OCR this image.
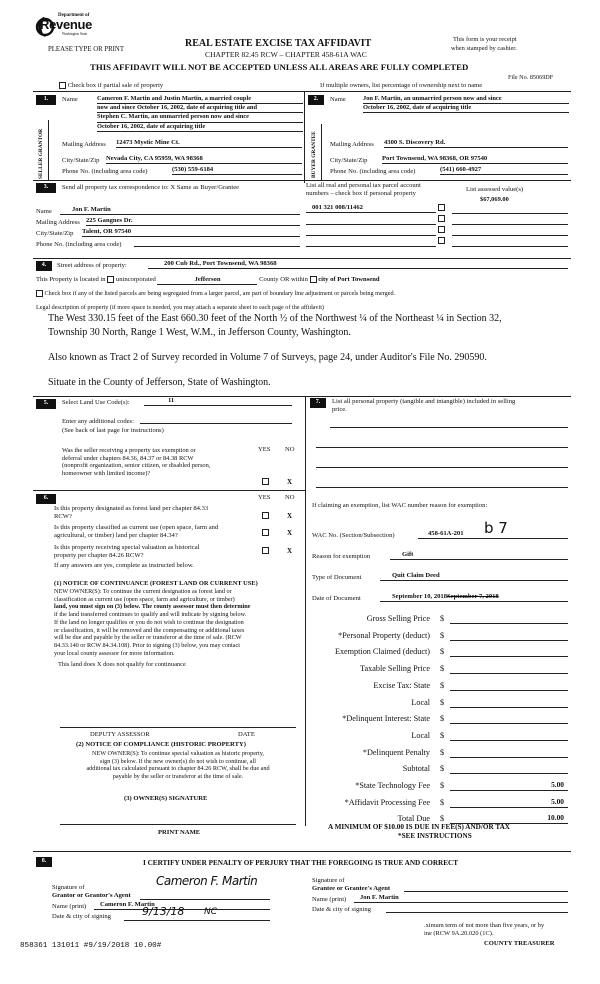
Department of
Revenue
Washington State
PLEASE TYPE OR PRINT
REAL ESTATE EXCISE TAX AFFIDAVIT
CHAPTER 82.45 RCW – CHAPTER 458-61A WAC
THIS AFFIDAVIT WILL NOT BE ACCEPTED UNLESS ALL AREAS ARE FULLY COMPLETED
This form is your receipt
when stamped by cashier.
File No. 85069DF
Check box if partial sale of property	If multiple owners, list percentage of ownership next to name
1.
SELLER GRANTOR
Name	Cameron F. Martin and Justin Martin, a married couple
now and since October 16, 2002, date of acquiring title and
Stephen C. Martin, an unmarried person now and since
October 16, 2002, date of acquiring title
Mailing Address 12473 Mystic Mine Ct.
City/State/Zip Nevada City, CA 95959, WA 98368
Phone No. (including area code)	(530) 559-6184
2.
BUYER GRANTEE
Name	Jon F. Martin, an unmarried person now and since
October 16, 2002, date of acquiring title
Mailing Address 4300 S. Discovery Rd.
City/State/Zip Port Townsend, WA 98368, OR 97540
Phone No. (including area code)	(541) 660-4927
3.	Send all property tax correspondence to: X Same as Buyer/Grantee
Name	Jon F. Martin
Mailing Address 225 Gangnes Dr.
City/State/Zip Talent, OR 97540
Phone No. (including area code)
List all real and personal tax parcel account
numbers – check box if personal property
List assessed value(s)
$67,069.00
001 321 008/11462
4.	Street address of property:	200 Cub Rd., Port Townsend, WA 98368
This Property is located in unincorporated	Jefferson	County OR within city of Port Townsend
Check box if any of the listed parcels are being segregated from a larger parcel, are part of boundary line adjustment or parcels being merged.
Legal description of property (if more space is needed, you may attach a separate sheet to each page of the affidavit)
The West 330.15 feet of the East 660.30 feet of the North ½ of the Northwest ¼ of the Northeast ¼ in Section 32,
Township 30 North, Range 1 West, W.M., in Jefferson County, Washington.
Also known as Tract 2 of Survey recorded in Volume 7 of Surveys, page 24, under Auditor's File No. 290590.
Situate in the County of Jefferson, State of Washington.
5.	Select Land Use Code(s):	11
Enter any additional codes:
(See back of last page for instructions)
YES NO
Was the seller receiving a property tax exemption or
deferral under chapters 84.36, 84.37 or 84.38 RCW
(nonprofit organization, senior citizen, or disabled person,
homeowner with limited income)?
X
6.	YES NO
Is this property designated as forest land per chapter 84.33
RCW?	X
Is this property classified as current use (open space, farm and
agricultural, or timber) land per chapter 84.34?	X
Is this property receiving special valuation as historical
property per chapter 84.26 RCW?
X
If any answers are yes, complete as instructed below.
(1) NOTICE OF CONTINUANCE (FOREST LAND OR CURRENT USE)
NEW OWNER(S): To continue the current designation as forest land or
classification as current use (open space, farm and agriculture, or timber)
land, you must sign on (3) below. The county assessor must then determine
if the land transferred continues to qualify and will indicate by signing below.
If the land no longer qualifies or you do not wish to continue the designation
or classification, it will be removed and the compensating or additional taxes
will be due and payable by the seller or transferor at the time of sale. (RCW
84.33.140 or RCW 84.34.108). Prior to signing (3) below, you may contact
your local county assessor for more information.
This land does X does not qualify for continuance
DEPUTY ASSESSOR	DATE
(2) NOTICE OF COMPLIANCE (HISTORIC PROPERTY)
NEW OWNER(S): To continue special valuation as historic property,
sign (3) below. If the new owner(s) do not wish to continue, all
additional tax calculated pursuant to chapter 84.26 RCW, shall be due and
payable by the seller or transferor at the time of sale.
(3) OWNER(S) SIGNATURE
PRINT NAME
7.	List all personal property (tangible and intangible) included in selling
price.
If claiming an exemption, list WAC number reason for exemption:
WAC No. (Section/Subsection)	458-61A-201	b 7
Reason for exemption	Gift
Type of Document	Quit Claim Deed
Date of Document	September 10, 2018September 7, 2018
Gross Selling Price $
*Personal Property (deduct) $
Exemption Claimed (deduct) $
Taxable Selling Price $
Excise Tax: State $
Local $
*Delinquent Interest: State $
Local $
*Delinquent Penalty $
Subtotal $
*State Technology Fee $	5.00
*Affidavit Processing Fee $	5.00
Total Due $	10.00
A MINIMUM OF $10.00 IS DUE IN FEE(S) AND/OR TAX
*SEE INSTRUCTIONS
8.	I CERTIFY UNDER PENALTY OF PERJURY THAT THE FOREGOING IS TRUE AND CORRECT
Signature of
Grantor or Grantor's Agent
Cameron F. Martin
Name (print)	Cameron F. Martin
Date & city of signing	9/13/18 NC
Signature of
Grantee or Grantee's Agent
Name (print)	Jon F. Martin
Date & city of signing
.ximum term of not more than five years, or by
ine (RCW 9A.20.020 (1C).
COUNTY TREASURER
858361 131011 #9/19/2018 10.00#
